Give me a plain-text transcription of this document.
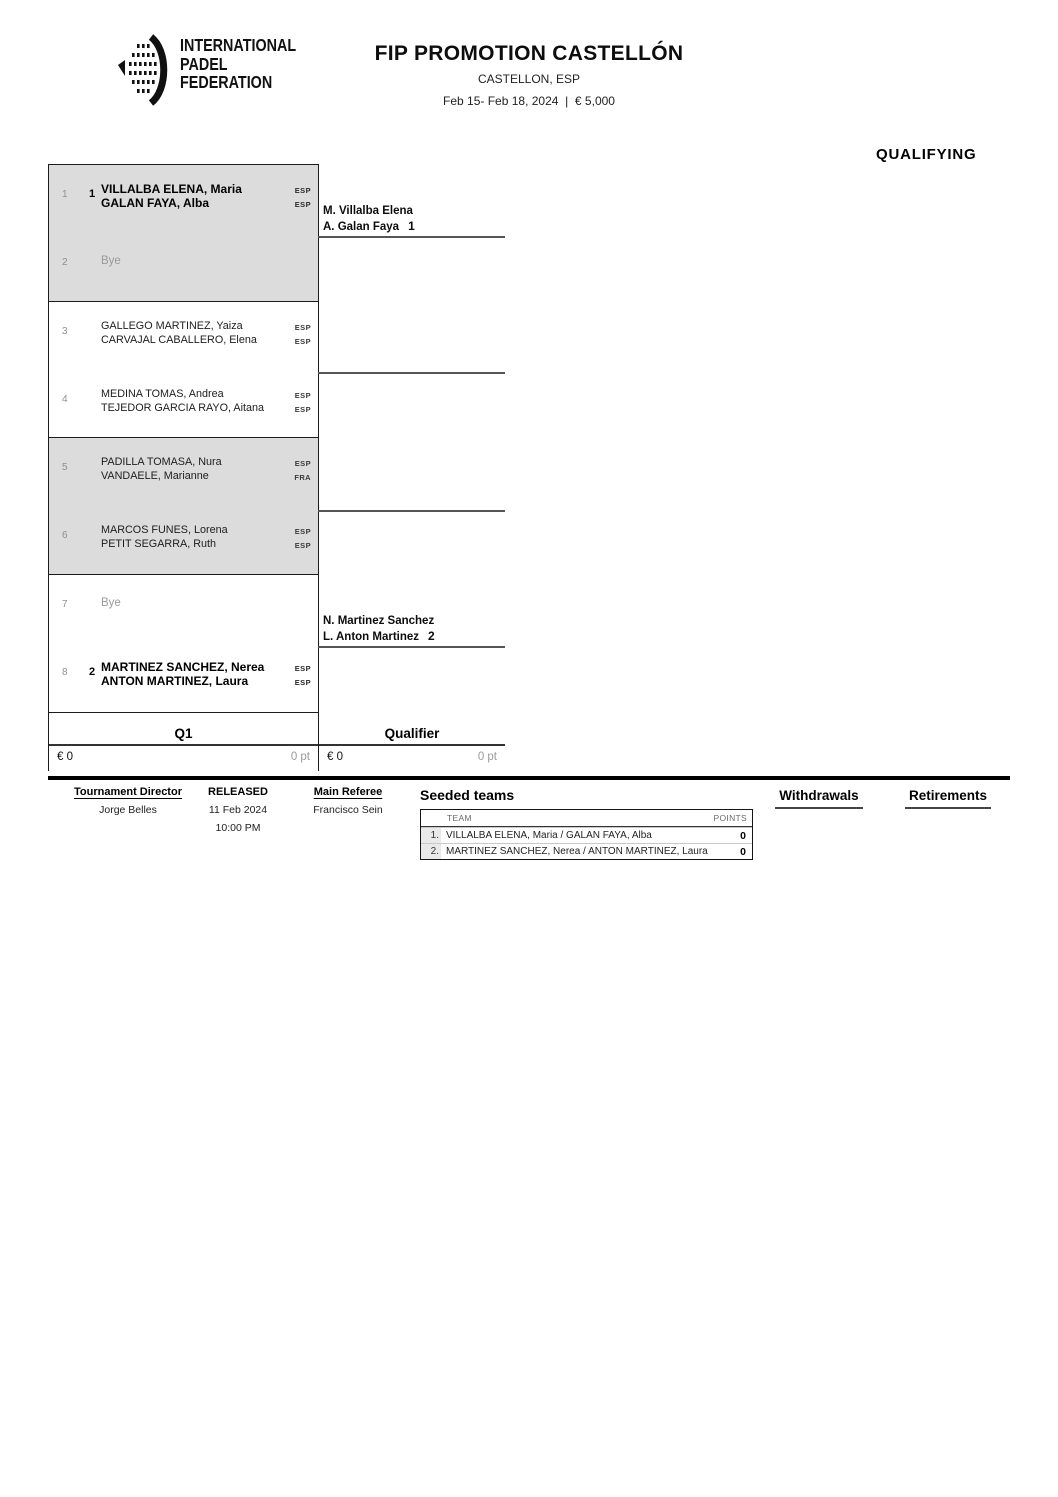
INTERNATIONAL
PADEL
FEDERATION
FIP PROMOTION CASTELLÓN
CASTELLON, ESP
Feb 15- Feb 18, 2024 | € 5,000
QUALIFYING
1 1 VILLALBA ELENA, Maria
GALAN FAYA, Alba
ESP
ESP
2	Bye
3	GALLEGO MARTINEZ, Yaiza
CARVAJAL CABALLERO, Elena
ESP
ESP
4	MEDINA TOMAS, Andrea
TEJEDOR GARCIA RAYO, Aitana
ESP
ESP
5	PADILLA TOMASA, Nura
VANDAELE, Marianne
ESP
FRA
6	MARCOS FUNES, Lorena
PETIT SEGARRA, Ruth
ESP
ESP
7	Bye
8 2 MARTINEZ SANCHEZ, Nerea
ANTON MARTINEZ, Laura
ESP
ESP
M. Villalba Elena
A. Galan Faya 1
N. Martinez Sanchez
L. Anton Martinez 2
Q1
€ 0	0 pt
Qualifier
€ 0	0 pt
Tournament Director
Jorge Belles
RELEASED
11 Feb 2024
10:00 PM
Main Referee
Francisco Sein
Seeded teams
TEAM	POINTS
1. VILLALBA ELENA, Maria / GALAN FAYA, Alba	0
2. MARTINEZ SANCHEZ, Nerea / ANTON MARTINEZ, Laura	0
Withdrawals	Retirements
